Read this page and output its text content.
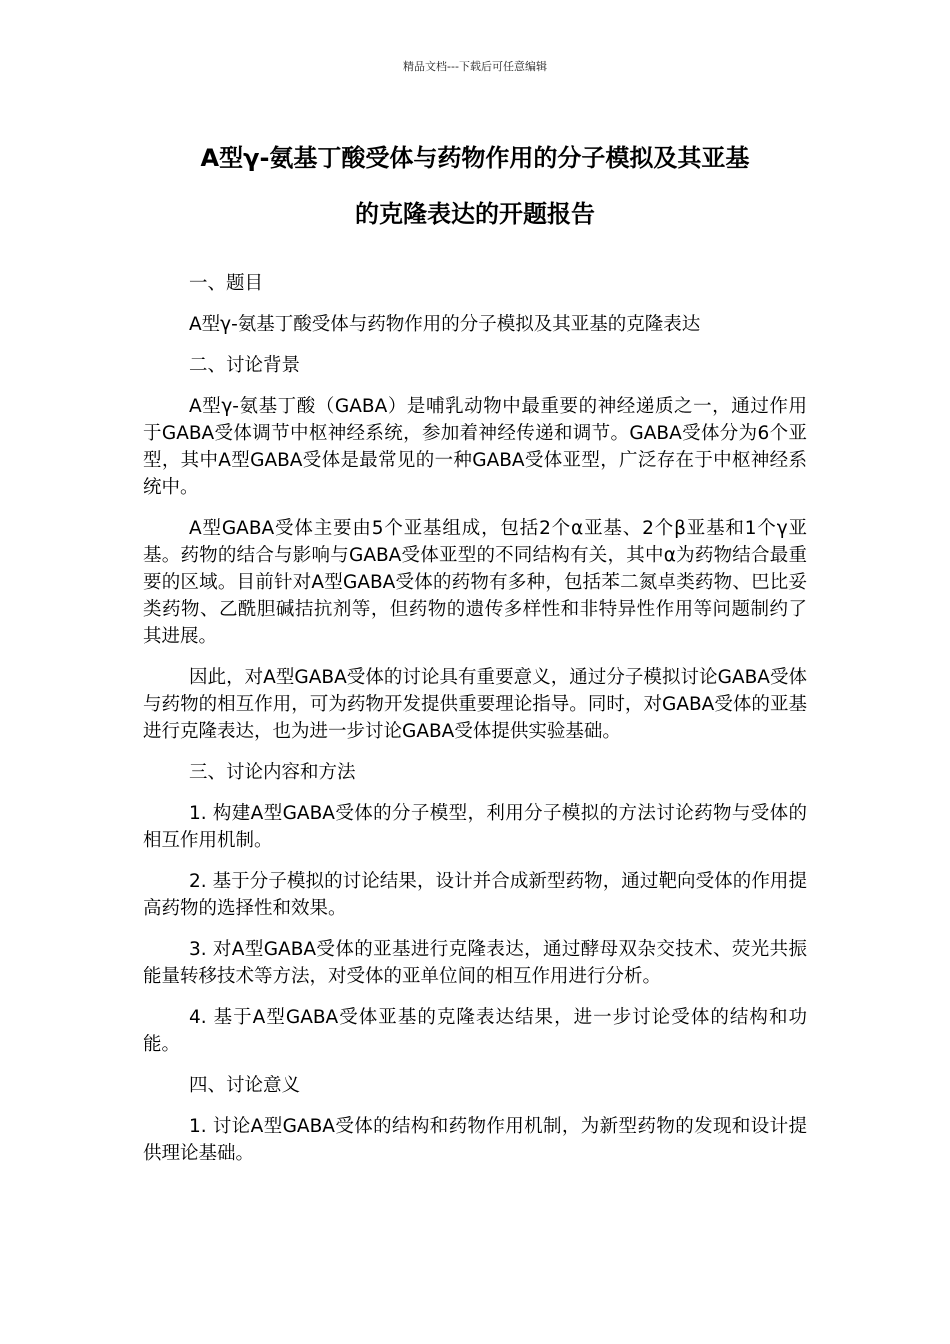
精品文档---下载后可任意编辑
A型γ-氨基丁酸受体与药物作用的分子模拟及其亚基
的克隆表达的开题报告

一、题目

A型γ-氨基丁酸受体与药物作用的分子模拟及其亚基的克隆表达

二、讨论背景

A型γ-氨基丁酸（GABA）是哺乳动物中最重要的神经递质之一，通过作用于GABA受体调节中枢神经系统，参加着神经传递和调节。GABA受体分为6个亚型，其中A型GABA受体是最常见的一种GABA受体亚型，广泛存在于中枢神经系统中。

A型GABA受体主要由5个亚基组成，包括2个α亚基、2个β亚基和1个γ亚基。药物的结合与影响与GABA受体亚型的不同结构有关，其中α为药物结合最重要的区域。目前针对A型GABA受体的药物有多种，包括苯二氮卓类药物、巴比妥类药物、乙酰胆碱拮抗剂等，但药物的遗传多样性和非特异性作用等问题制约了其进展。

因此，对A型GABA受体的讨论具有重要意义，通过分子模拟讨论GABA受体与药物的相互作用，可为药物开发提供重要理论指导。同时，对GABA受体的亚基进行克隆表达，也为进一步讨论GABA受体提供实验基础。

三、讨论内容和方法

1. 构建A型GABA受体的分子模型，利用分子模拟的方法讨论药物与受体的相互作用机制。

2. 基于分子模拟的讨论结果，设计并合成新型药物，通过靶向受体的作用提高药物的选择性和效果。

3. 对A型GABA受体的亚基进行克隆表达，通过酵母双杂交技术、荧光共振能量转移技术等方法，对受体的亚单位间的相互作用进行分析。

4. 基于A型GABA受体亚基的克隆表达结果，进一步讨论受体的结构和功能。

四、讨论意义

1. 讨论A型GABA受体的结构和药物作用机制，为新型药物的发现和设计提供理论基础。
